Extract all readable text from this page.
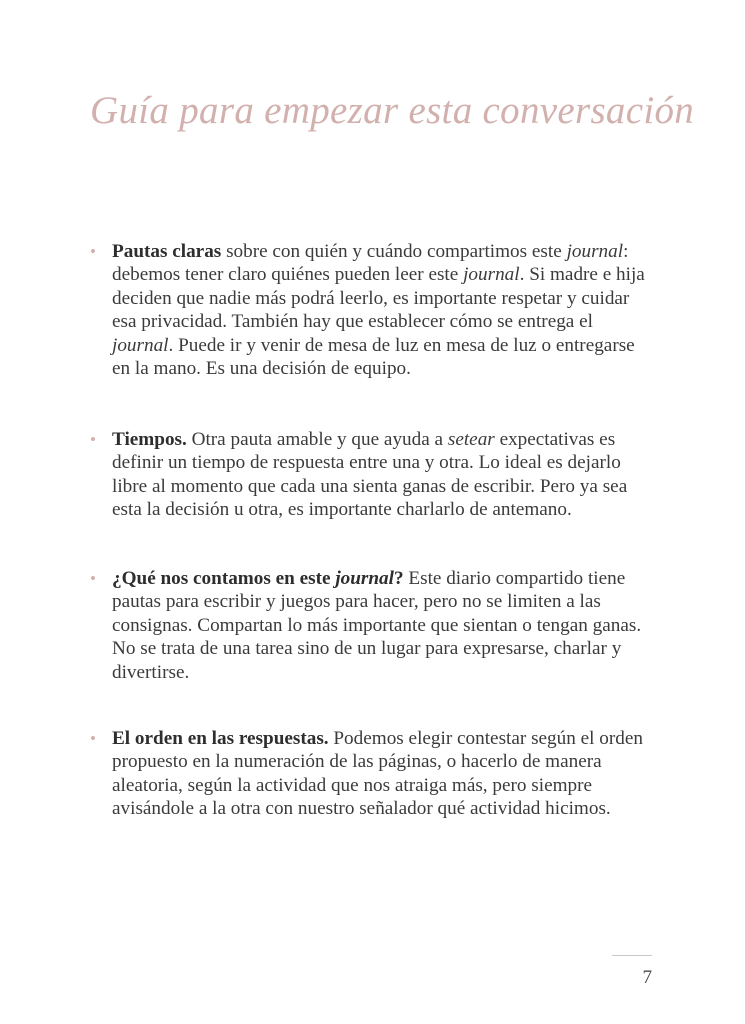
Guía para empezar esta conversación
• Pautas claras sobre con quién y cuándo compartimos este journal: debemos tener claro quiénes pueden leer este journal. Si madre e hija deciden que nadie más podrá leerlo, es importante respetar y cuidar esa privacidad. También hay que establecer cómo se entrega el journal. Puede ir y venir de mesa de luz en mesa de luz o entregarse en la mano. Es una decisión de equipo.

• Tiempos. Otra pauta amable y que ayuda a setear expectativas es definir un tiempo de respuesta entre una y otra. Lo ideal es dejarlo libre al momento que cada una sienta ganas de escribir. Pero ya sea esta la decisión u otra, es importante charlarlo de antemano.

• ¿Qué nos contamos en este journal? Este diario compartido tiene pautas para escribir y juegos para hacer, pero no se limiten a las consignas. Compartan lo más importante que sientan o tengan ganas. No se trata de una tarea sino de un lugar para expresarse, charlar y divertirse.

• El orden en las respuestas. Podemos elegir contestar según el orden propuesto en la numeración de las páginas, o hacerlo de manera aleatoria, según la actividad que nos atraiga más, pero siempre avisándole a la otra con nuestro señalador qué actividad hicimos.

7
